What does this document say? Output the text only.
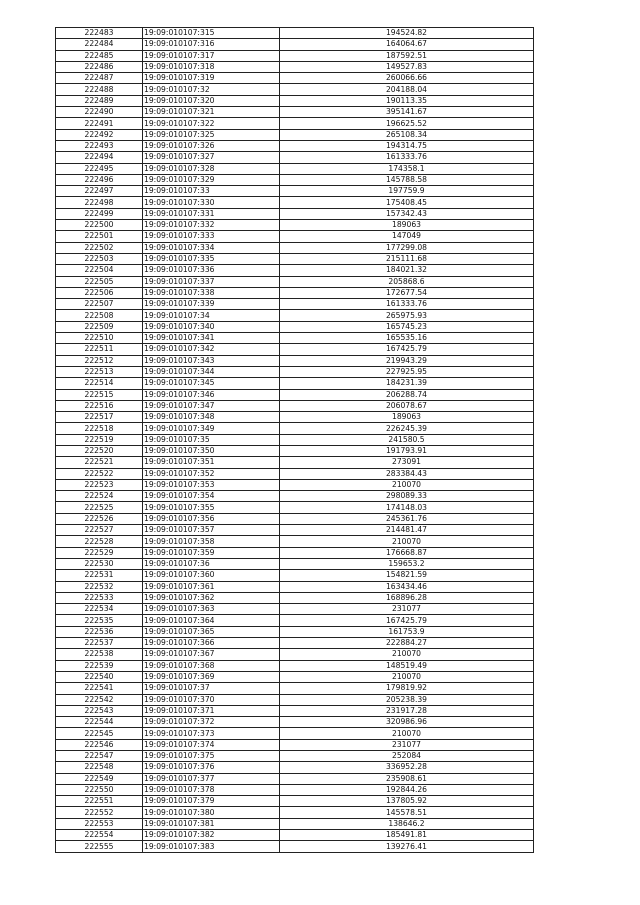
222483	19:09:010107:315	194524.82
222484	19:09:010107:316	164064.67
222485	19:09:010107:317	187592.51
222486	19:09:010107:318	149527.83
222487	19:09:010107:319	260066.66
222488	19:09:010107:32	204188.04
222489	19:09:010107:320	190113.35
222490	19:09:010107:321	395141.67
222491	19:09:010107:322	196625.52
222492	19:09:010107:325	265108.34
222493	19:09:010107:326	194314.75
222494	19:09:010107:327	161333.76
222495	19:09:010107:328	174358.1
222496	19:09:010107:329	145788.58
222497	19:09:010107:33	197759.9
222498	19:09:010107:330	175408.45
222499	19:09:010107:331	157342.43
222500	19:09:010107:332	189063
222501	19:09:010107:333	147049
222502	19:09:010107:334	177299.08
222503	19:09:010107:335	215111.68
222504	19:09:010107:336	184021.32
222505	19:09:010107:337	205868.6
222506	19:09:010107:338	172677.54
222507	19:09:010107:339	161333.76
222508	19:09:010107:34	265975.93
222509	19:09:010107:340	165745.23
222510	19:09:010107:341	165535.16
222511	19:09:010107:342	167425.79
222512	19:09:010107:343	219943.29
222513	19:09:010107:344	227925.95
222514	19:09:010107:345	184231.39
222515	19:09:010107:346	206288.74
222516	19:09:010107:347	206078.67
222517	19:09:010107:348	189063
222518	19:09:010107:349	226245.39
222519	19:09:010107:35	241580.5
222520	19:09:010107:350	191793.91
222521	19:09:010107:351	273091
222522	19:09:010107:352	283384.43
222523	19:09:010107:353	210070
222524	19:09:010107:354	298089.33
222525	19:09:010107:355	174148.03
222526	19:09:010107:356	245361.76
222527	19:09:010107:357	214481.47
222528	19:09:010107:358	210070
222529	19:09:010107:359	176668.87
222530	19:09:010107:36	159653.2
222531	19:09:010107:360	154821.59
222532	19:09:010107:361	163434.46
222533	19:09:010107:362	168896.28
222534	19:09:010107:363	231077
222535	19:09:010107:364	167425.79
222536	19:09:010107:365	161753.9
222537	19:09:010107:366	222884.27
222538	19:09:010107:367	210070
222539	19:09:010107:368	148519.49
222540	19:09:010107:369	210070
222541	19:09:010107:37	179819.92
222542	19:09:010107:370	205238.39
222543	19:09:010107:371	231917.28
222544	19:09:010107:372	320986.96
222545	19:09:010107:373	210070
222546	19:09:010107:374	231077
222547	19:09:010107:375	252084
222548	19:09:010107:376	336952.28
222549	19:09:010107:377	235908.61
222550	19:09:010107:378	192844.26
222551	19:09:010107:379	137805.92
222552	19:09:010107:380	145578.51
222553	19:09:010107:381	138646.2
222554	19:09:010107:382	185491.81
222555	19:09:010107:383	139276.41
